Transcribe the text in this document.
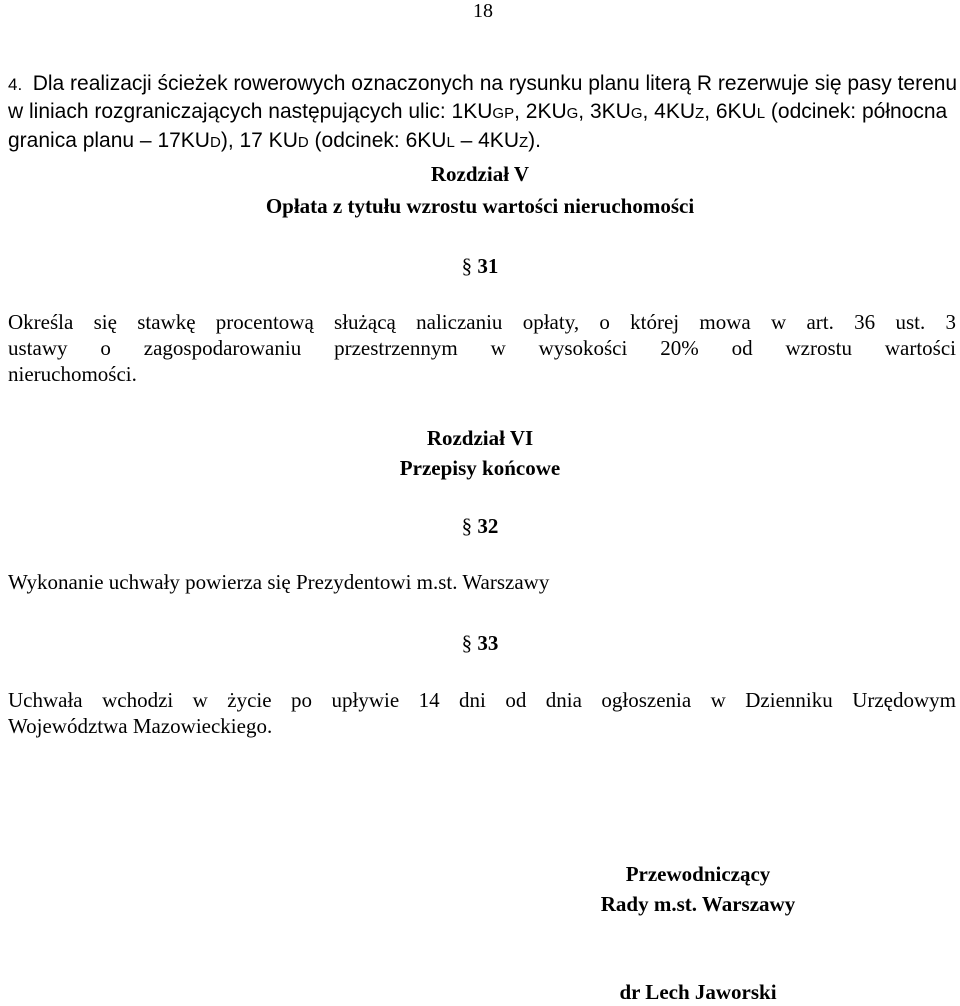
18
4. Dla realizacji ścieżek rowerowych oznaczonych na rysunku planu literą R rezerwuje się pasy terenu w liniach rozgraniczających następujących ulic: 1KUGP, 2KUG, 3KUG, 4KUZ, 6KUL (odcinek: północna granica planu – 17KUD), 17 KUD (odcinek: 6KUL – 4KUZ).
Rozdział V
Opłata z tytułu wzrostu wartości nieruchomości
§ 31
Określa się stawkę procentową służącą naliczaniu opłaty, o której mowa w art. 36 ust. 3
ustawy o zagospodarowaniu przestrzennym w wysokości 20% od wzrostu wartości
nieruchomości.
Rozdział VI
Przepisy końcowe
§ 32
Wykonanie uchwały powierza się Prezydentowi m.st. Warszawy
§ 33
Uchwała wchodzi w życie po upływie 14 dni od dnia ogłoszenia w Dzienniku Urzędowym
Województwa Mazowieckiego.
Przewodniczący
Rady m.st. Warszawy
dr Lech Jaworski
